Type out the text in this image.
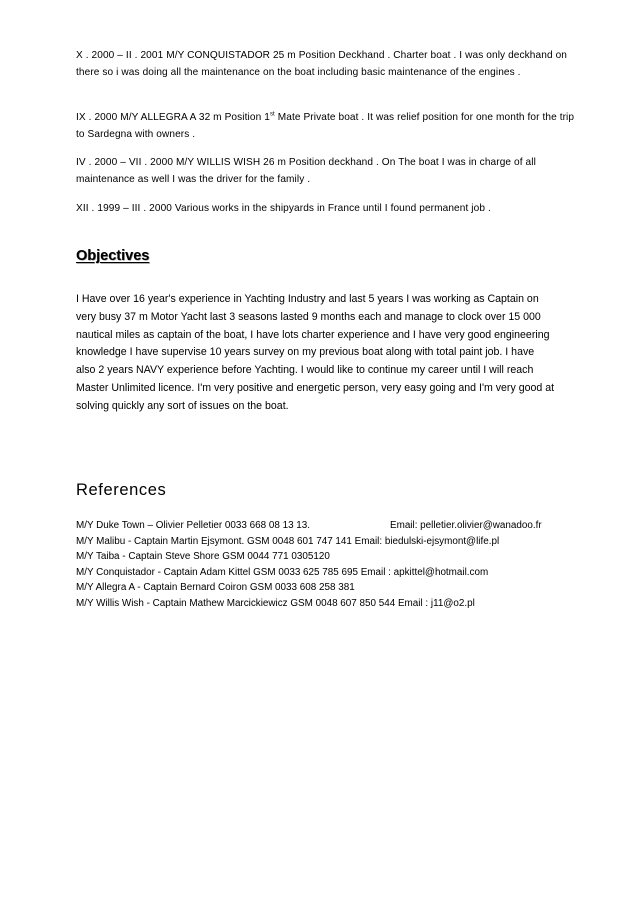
X . 2000 – II . 2001 M/Y CONQUISTADOR 25 m Position Deckhand . Charter boat . I was only deckhand on there so i was doing all the maintenance on the boat including basic maintenance of the engines .

IX . 2000 M/Y ALLEGRA A 32 m Position 1st Mate Private boat . It was relief position for one month for the trip to Sardegna with owners .

IV . 2000 – VII . 2000 M/Y WILLIS WISH 26 m Position deckhand . On The boat I was in charge of all maintenance as well I was the driver for the family .

XII . 1999 – III . 2000 Various works in the shipyards in France until I found permanent job .

Objectives

I Have over 16 year's experience in Yachting Industry and last 5 years I was working as Captain on very busy 37 m Motor Yacht last 3 seasons lasted 9 months each and manage to clock over 15 000 nautical miles as captain of the boat, I have lots charter experience and I have very good engineering knowledge I have supervise 10 years survey on my previous boat along with total paint job. I have also 2 years NAVY experience before Yachting. I would like to continue my career until I will reach Master Unlimited licence. I'm very positive and energetic person, very easy going and I'm very good at solving quickly any sort of issues on the boat.

References
M/Y Duke Town – Olivier Pelletier 0033 668 08 13 13.	Email: pelletier.olivier@wanadoo.fr
M/Y Malibu - Captain Martin Ejsymont. GSM 0048 601 747 141 Email: biedulski-ejsymont@life.pl
M/Y Taiba - Captain Steve Shore GSM 0044 771 0305120
M/Y Conquistador - Captain Adam Kittel GSM 0033 625 785 695 Email : apkittel@hotmail.com
M/Y Allegra A - Captain Bernard Coiron GSM 0033 608 258 381
M/Y Willis Wish - Captain Mathew Marcickiewicz GSM 0048 607 850 544 Email : j11@o2.pl
